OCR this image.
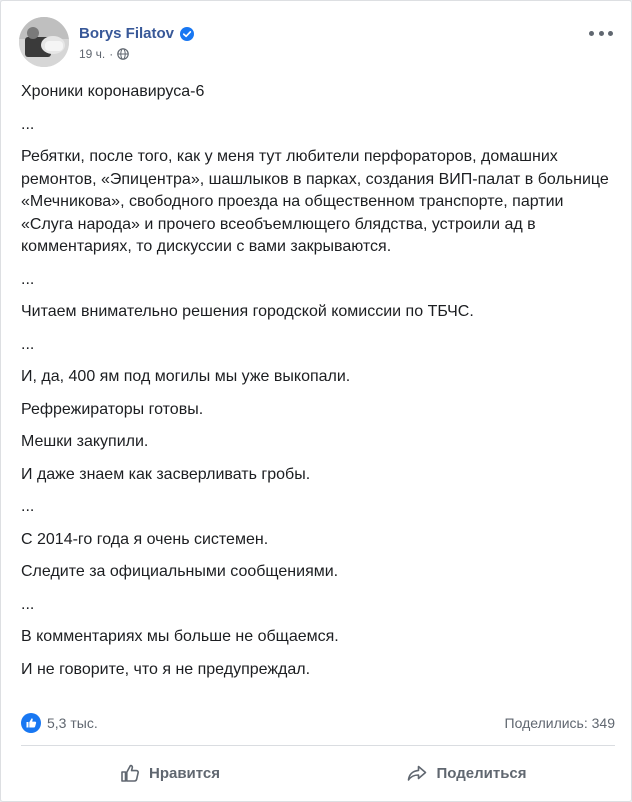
Borys Filatov
19 ч. ·

Хроники коронавируса-6

...

Ребятки, после того, как у меня тут любители перфораторов, домашних ремонтов, «Эпицентра», шашлыков в парках, создания ВИП-палат в больнице «Мечникова», свободного проезда на общественном транспорте, партии «Слуга народа» и прочего всеобъемлющего блядства, устроили ад в комментариях, то дискуссии с вами закрываются.

...

Читаем внимательно решения городской комиссии по ТБЧС.

...

И, да, 400 ям под могилы мы уже выкопали.

Рефрежираторы готовы.

Мешки закупили.

И даже знаем как засверливать гробы.

...

С 2014-го года я очень системен.

Следите за официальными сообщениями.

...

В комментариях мы больше не общаемся.

И не говорите, что я не предупреждал.

5,3 тыс.	Поделились: 349
Нравится	Поделиться
